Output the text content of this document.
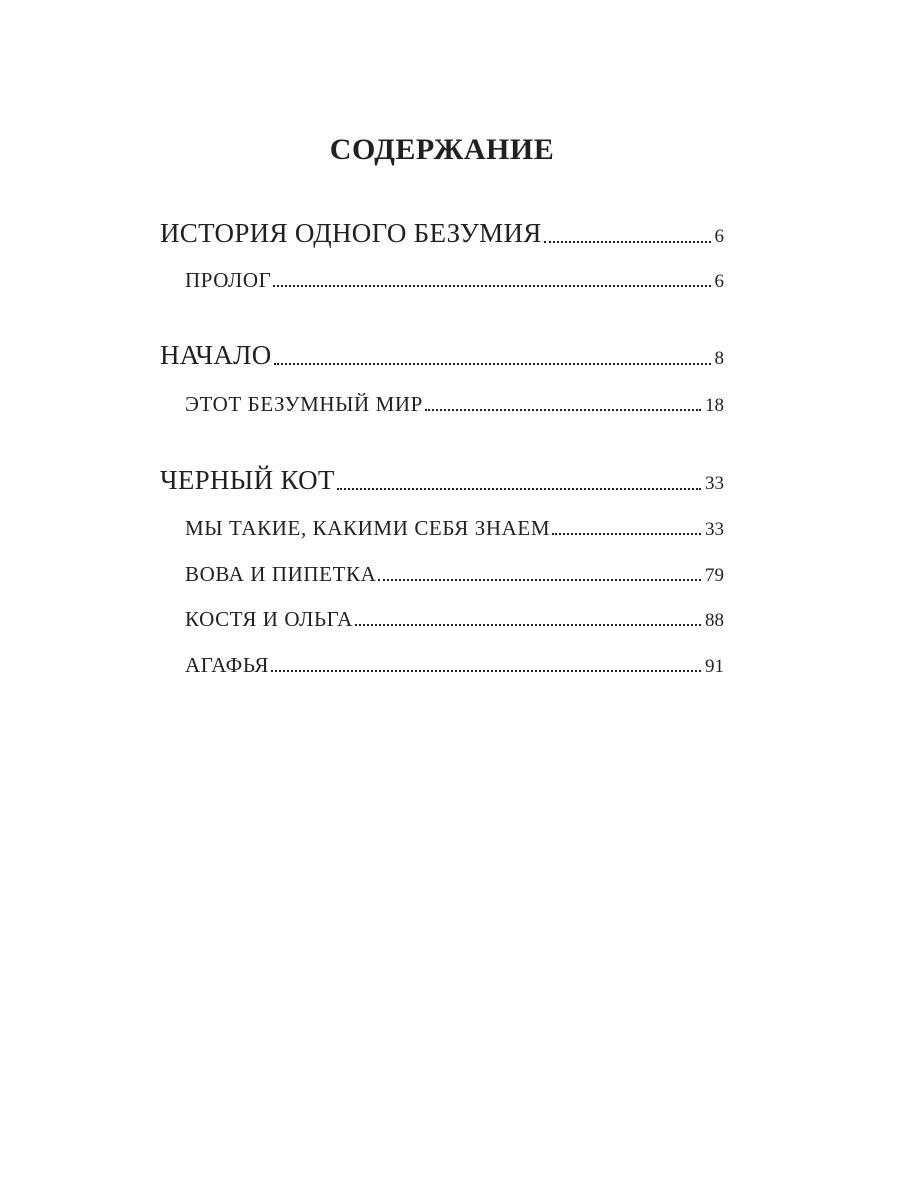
СОДЕРЖАНИЕ
ИСТОРИЯ ОДНОГО БЕЗУМИЯ	6
ПРОЛОГ	6
НАЧАЛО	8
ЭТОТ БЕЗУМНЫЙ МИР	18
ЧЕРНЫЙ КОТ	33
МЫ ТАКИЕ, КАКИМИ СЕБЯ ЗНАЕМ	33
ВОВА И ПИПЕТКА	79
КОСТЯ И ОЛЬГА	88
АГАФЬЯ	91
